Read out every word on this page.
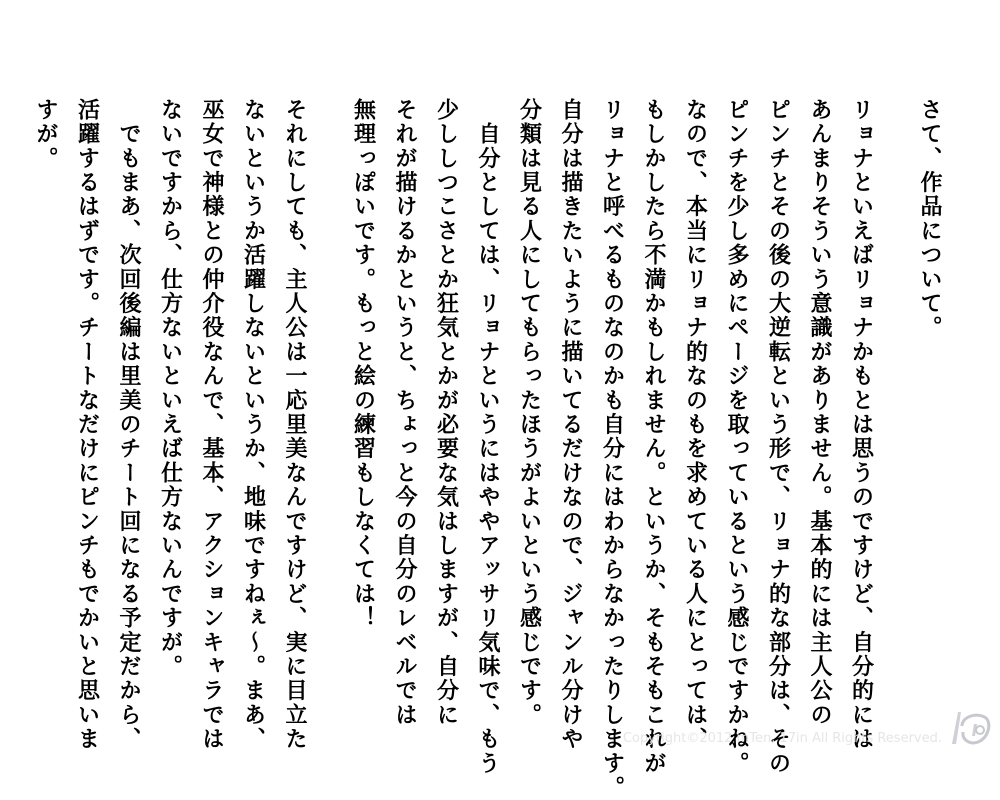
さて、作品について。
リョナといえばリョナかもとは思うのですけど、自分的には
あんまりそういう意識がありません。基本的には主人公の
ピンチとその後の大逆転という形で、リョナ的な部分は、その
ピンチを少し多めにページを取っているという感じですかね。
なので、本当にリョナ的なのもを求めている人にとっては、
もしかしたら不満かもしれません。というか、そもそもこれが
リョナと呼べるものなのかも自分にはわからなかったりします。
自分は描きたいように描いてるだけなので、ジャンル分けや
分類は見る人にしてもらったほうがよいという感じです。
　自分としては、リョナというにはややアッサリ気味で、もう
少ししつこさとか狂気とかが必要な気はしますが、自分に
それが描けるかというと、ちょっと今の自分のレベルでは
無理っぽいです。もっと絵の練習もしなくては！
それにしても、主人公は一応里美なんですけど、実に目立た
ないというか活躍しないというか、地味ですねぇ～。まあ、
巫女で神様との仲介役なんで、基本、アクションキャラでは
ないですから、仕方ないといえば仕方ないんですが。
　でもまあ、次回後編は里美のチート回になる予定だから、
活躍するはずです。チートなだけにピンチもでかいと思いま
すが。
Copyright©2012 mTen, 17in All Rights Reserved.
